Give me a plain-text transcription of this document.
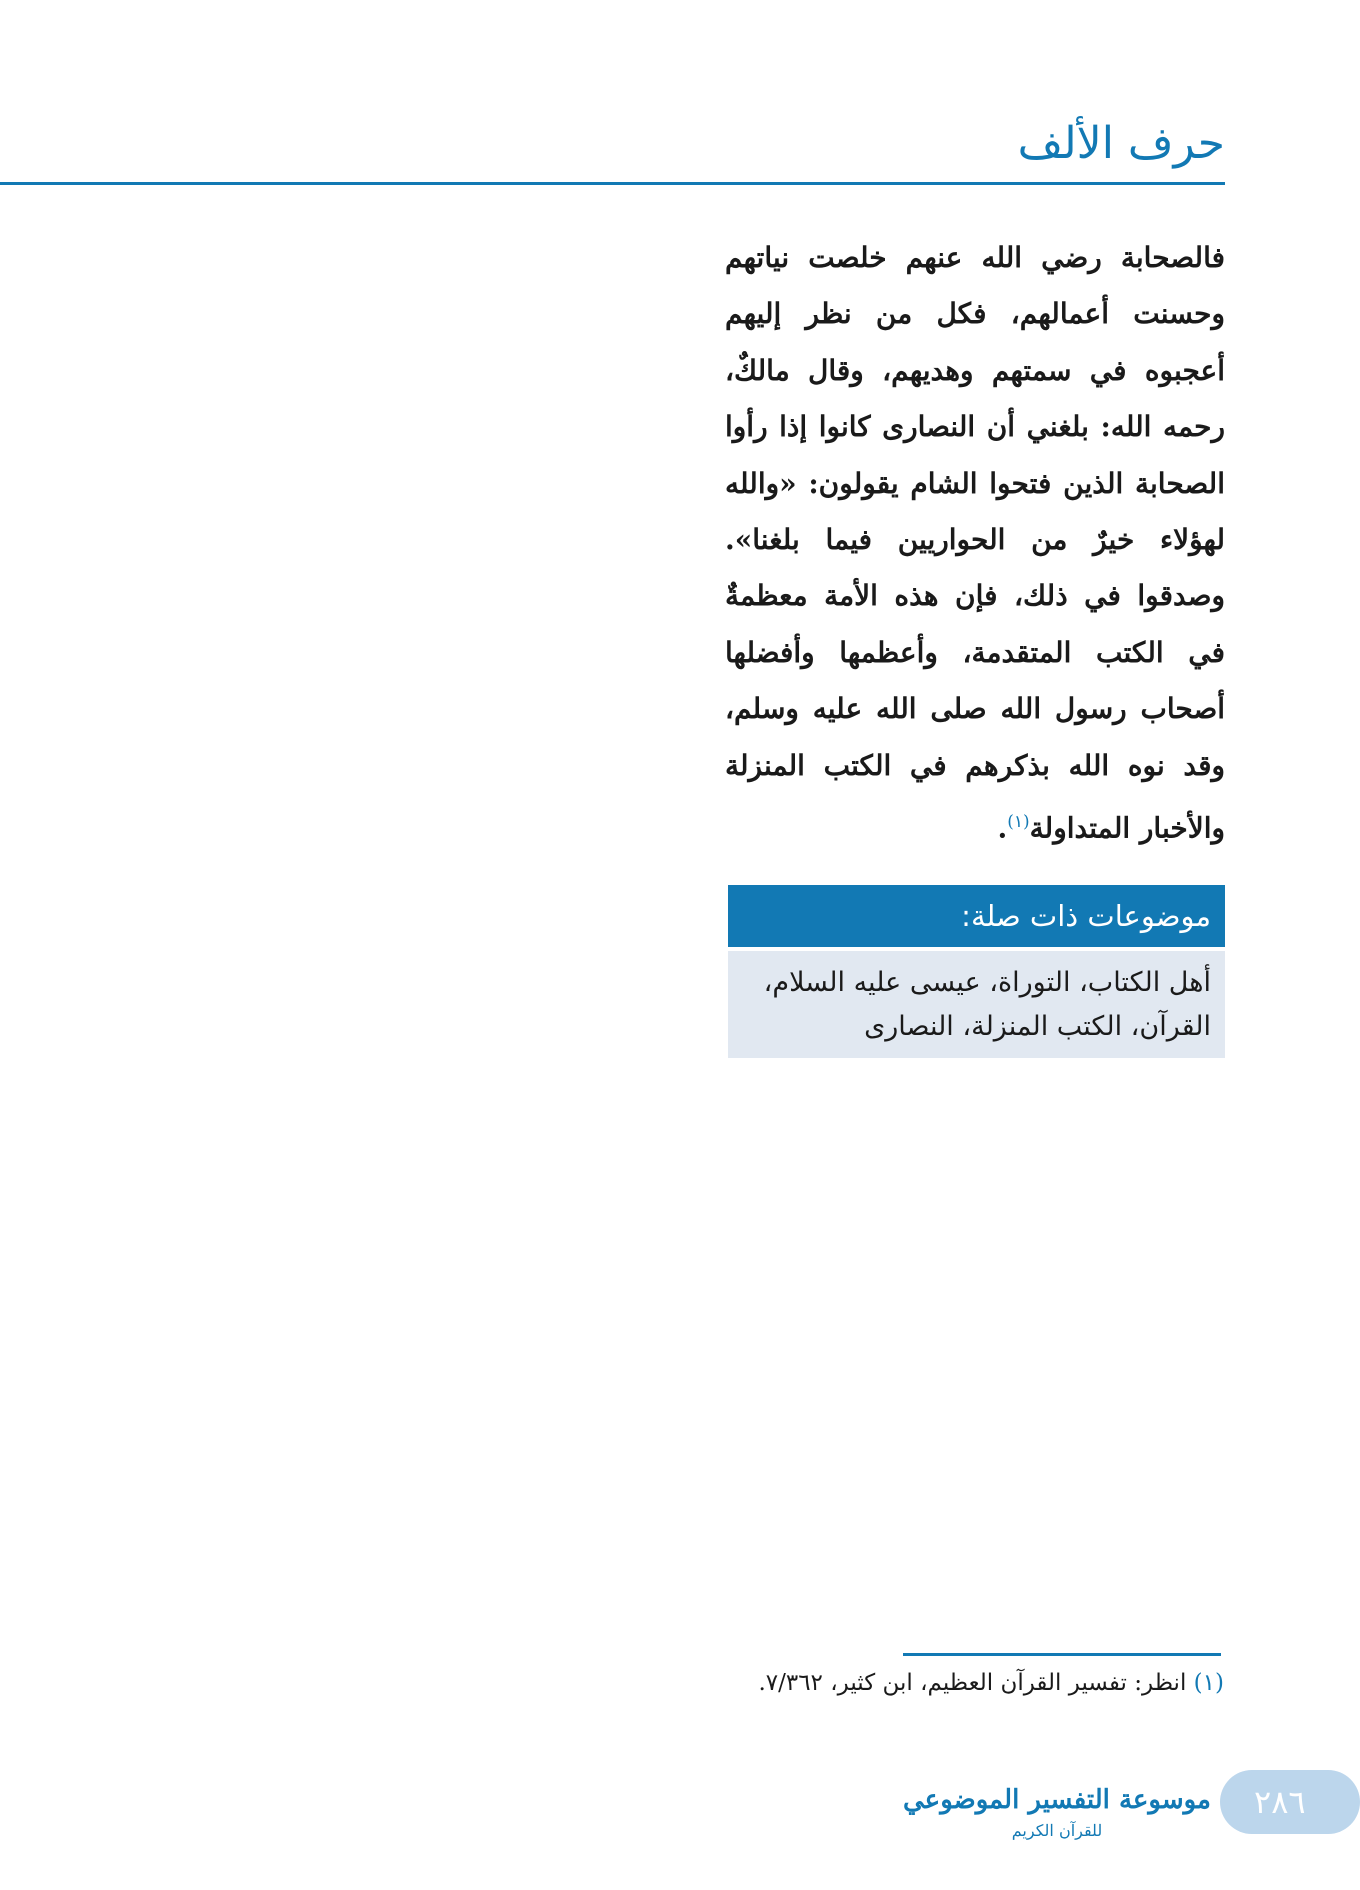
حرف الألف
فالصحابة رضي الله عنهم خلصت نياتهم وحسنت أعمالهم، فكل من نظر إليهم أعجبوه في سمتهم وهديهم، وقال مالكٌ، رحمه الله: بلغني أن النصارى كانوا إذا رأوا الصحابة الذين فتحوا الشام يقولون: «والله لهؤلاء خيرٌ من الحواريين فيما بلغنا». وصدقوا في ذلك، فإن هذه الأمة معظمةٌ في الكتب المتقدمة، وأعظمها وأفضلها أصحاب رسول الله صلى الله عليه وسلم، وقد نوه الله بذكرهم في الكتب المنزلة والأخبار المتداولة$^{(١)}$.
موضوعات ذات صلة:
أهل الكتاب، التوراة، عيسى عليه السلام، القرآن، الكتب المنزلة، النصارى
(١) انظر: تفسير القرآن العظيم، ابن كثير، ٧/٣٦٢.
موسوعة التفسير الموضوعي
للقرآن الكريم
٢٨٦
